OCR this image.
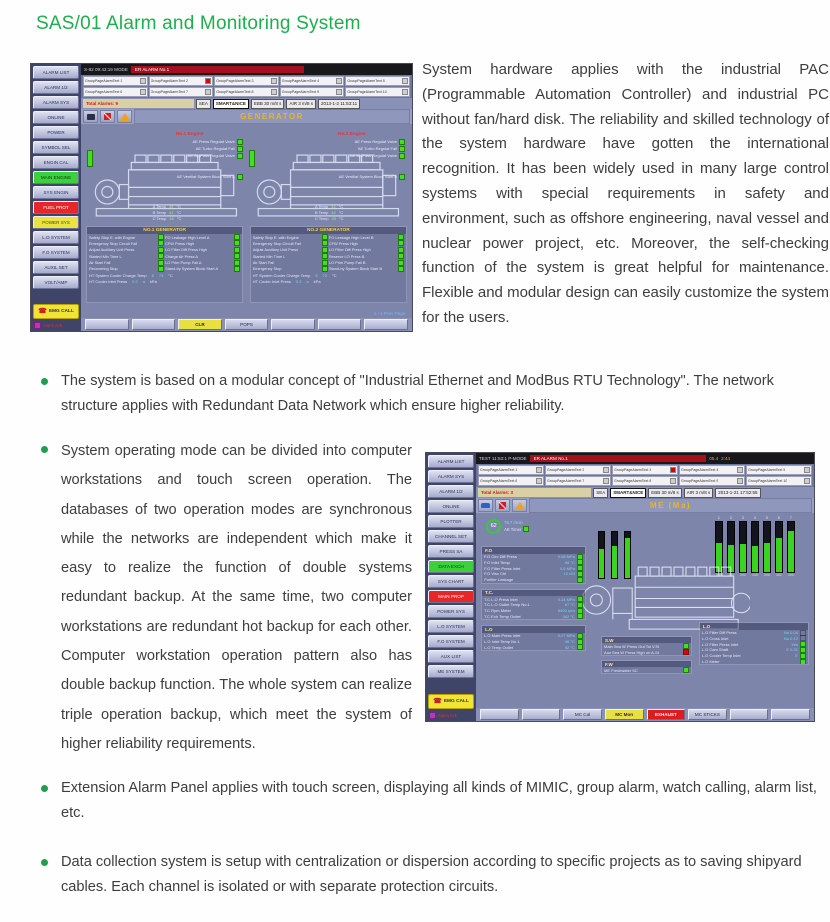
SAS/01 Alarm and Monitoring System
ALARM LIST
ALARM 1/2
ALARM SYS
ONLINE
POWER
SYMBOL SEL
ENGIN CAL
MAIN ENGINE
SYS ENGIN
FUEL PROT
POWER SYS
L.O SYSTEM
F.O SYSTEM
AUXIL SET
VOLT/AMP
☎ EMG CALL
Alarm Ack
S-82 09:43:19 MODE	ER ALARM No.1
GroupPageAlarmText 1	GroupPageAlarmText 2	GroupPageAlarmText 3	GroupPageAlarmText 4	GroupPageAlarmText 5
GroupPageAlarmText 6	GroupPageAlarmText 7	GroupPageAlarmText 8	GroupPageAlarmText 9	GroupPageAlarmText 10
Total Alarms: 9	SEA	SMART&NICE	EBB 30 m/8 s	AIR 3 m/8 s	2013-1-2 11:53:11
GENERATOR
No.1 Engine
AE Press Regulat Valve
AE Turbo Regulat Fail
AE By-Pass Regulat Valve
AE Ventilat System Block Start A
A Temp 45 °C
B Temp 41 °C
C Temp 46 °C
No.2 Engine
AE Press Regulat Valve
AE Turbo Regulat Fail
AE By-Pass Regulat Valve
AE Ventilat System Block Start B
A Temp 44 °C
B Temp 42 °C
C Temp 45 °C
NO.1 GENERATOR
Safety Stop E. with Engine	FO Leakage High Level A
Emergency Stop Circuit Fail	CFW Press High
Adjust Auxiliary Unit Press	LO Filter Diff Press High
Started Min Time L	Charge Air Press A
Air Start Fail	LO Prim Pump Fail A
Recovering Stop	Stand-by System Block Start A
HT System Cooler Charge Temp 8 73 °C
HT Cooler Inlet Press 0.2 a kPa
NO.2 GENERATOR
Safety Stop E. with Engine	FO Leakage High Level B
Emergency Stop Circuit Fail	CFW Press High
Adjust Auxiliary Unit Press	LO Filter Diff Press High
Started Min Time L	Reserve LO Press B
Air Start Fail	LO Prim Pump Fail B
Emergency Stop	Stand-by System Block Start B
HT System Cooler Charge Temp 8 72 °C
HT Cooler Inlet Press 0.2 a kPa
1 / 1 Prev Page
CLR	POPS

System hardware applies with the industrial PAC (Programmable Automation Controller) and industrial PC without fan/hard disk. The reliability and skilled technology of the system hardware have gotten the international recognition. It has been widely used in many large control systems with special requirements in safety and environment, such as offshore engineering, naval vessel and nuclear power project, etc. Moreover, the self-checking function of the system is great helpful for maintenance. Flexible and modular design can easily customize the system for the users.

The system is based on a modular concept of "Industrial Ethernet and ModBus RTU Technology". The network structure applies with Redundant Data Network which ensure higher reliability.

System operating mode can be divided into computer workstations and touch screen operation. The databases of two operation modes are synchronous while the networks are independent which make it easy to realize the function of double systems redundant backup. At the same time, two computer workstations are redundant hot backup for each other. Computer workstation operation pattern also has double backup function. The whole system can realize triple operation backup, which meet the system of higher reliability requirements.

ALARM LIST
ALARM SYS
ALARM 1/2
ONLINE
PLOTTER
CHANNEL SET
PRESS SA
DATA EXCH
SYS CHART
MAIN PROP
POWER SYS
L.O SYSTEM
F.O SYSTEM
AUX LIST
ME SYSTEM
☎ EMG CALL
Alarm Ack
TEST 11:53:1 P-MODE	ER ALARM No.1	05.4 2:44
GroupPageAlarmText 1	GroupPageAlarmText 2	GroupPageAlarmText 3	GroupPageAlarmText 4	GroupPageAlarmText 5
GroupPageAlarmText 6	GroupPageAlarmText 7	GroupPageAlarmText 8	GroupPageAlarmText 9	GroupPageAlarmText 10
Total Alarms: 3	SEA	SMART&NICE	EBB 30 m/8 s	AIR 3 m/8 s	2013-1-21 17:52:55
ME (Ma)
62
76.7 r/min
AE Timer
1
345
2
340
3
342
4
338
5
346
6
352
7
358
F.O
F.O Circ Diff Press	0.08 MPa
F.O Inlet Temp	98 °C
F.O Filter Press Inlet	0.6 MPa
F.O Visc Ctrl	12 cSt
Purifier Leakage
T.C.
T.C L.O Press Inlet	0.14 MPa
T.C L.O Outlet Temp No.1	67 °C
T.C Rpm Meter	8400 rpm
T.C Exh Temp Outlet	342 °C
L.O
L.O Main Press Inlet	0.27 MPa
L.O Inlet Temp No.1	46 °C
L.O Temp Outlet	52 °C
S.W
Main Sea W Press Out Tol V.Sl
Aux Sea W Press High on A-St
F.W
ME Freshwater SC
L.O
L.O Filter Diff Press	No 0.04
L.O Cross Inlet	No 0.12
L.O Filter Press Inlet	Yes
L.O Cam Shaft	E 0.31
L.O Cooler Temp Inlet	E
L.O Meter
MC Cal	MC Mon	EXHAUST	MC STICKS

Extension Alarm Panel applies with touch screen, displaying all kinds of MIMIC, group alarm, watch calling, alarm list, etc.

Data collection system is setup with centralization or dispersion according to specific projects as to saving shipyard cables. Each channel is isolated or with separate protection circuits.
